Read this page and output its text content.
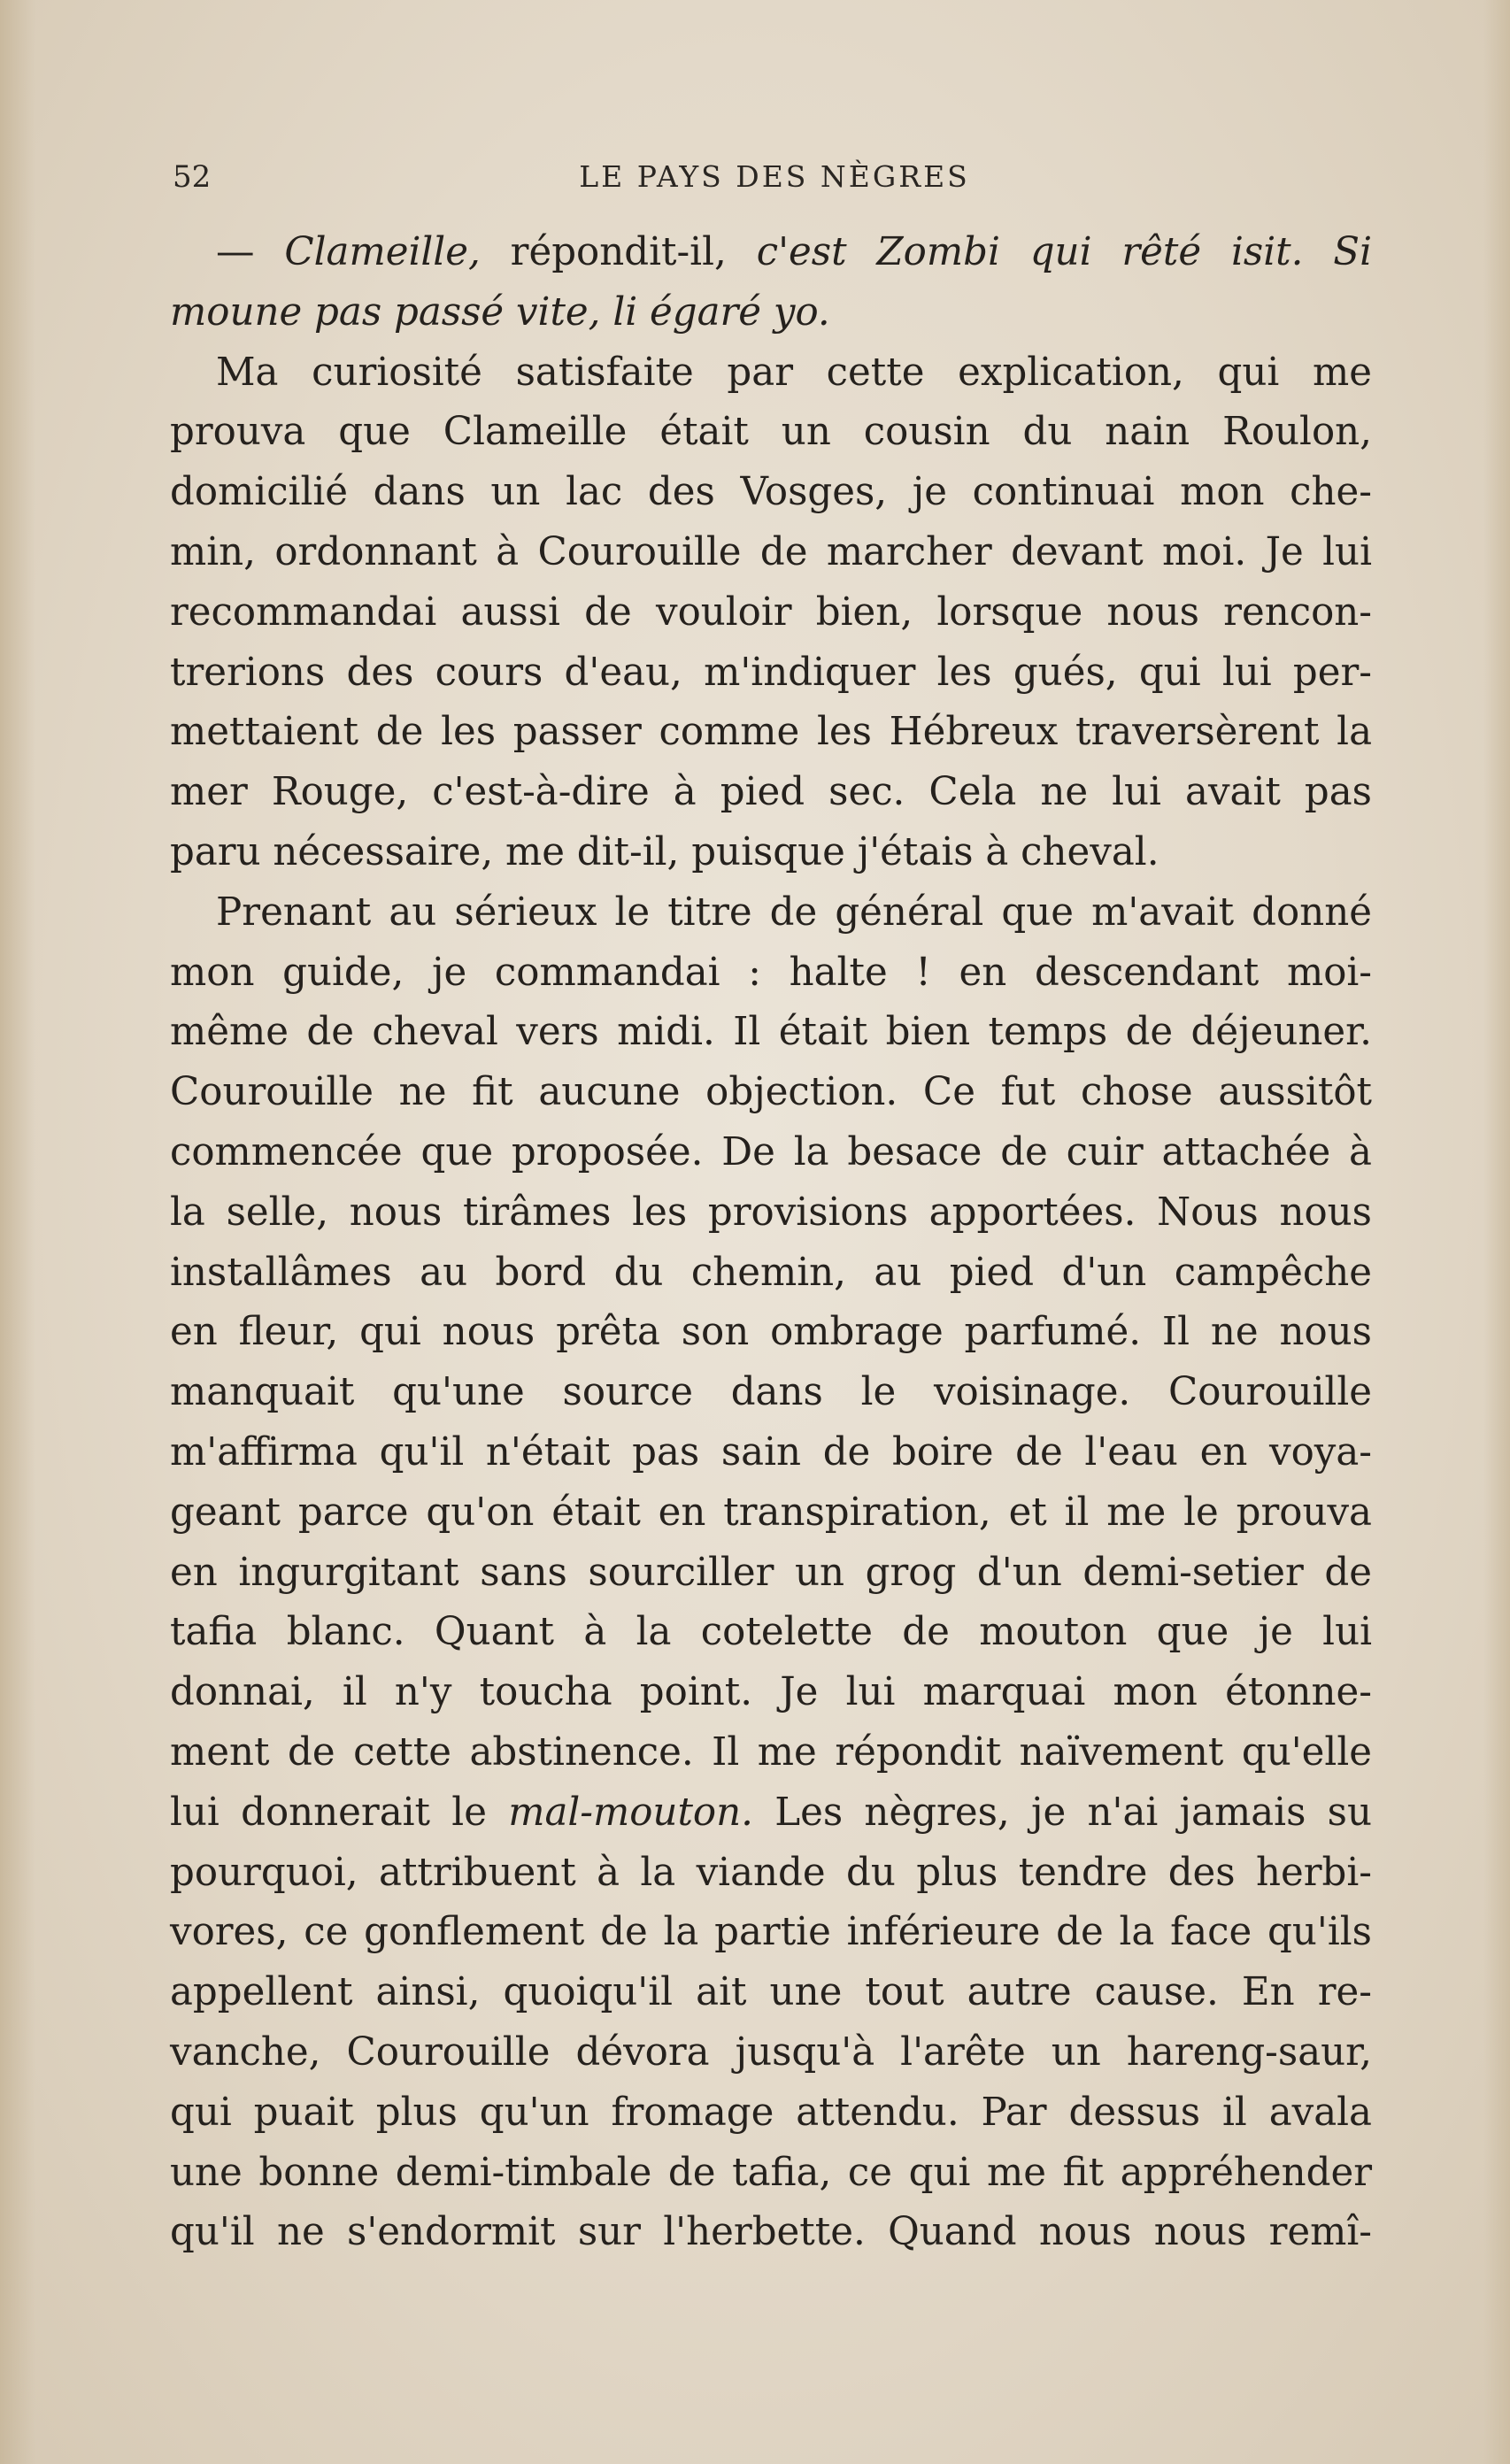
52	LE PAYS DES NÈGRES
— Clameille, répondit-il, c'est Zombi qui rêté isit. Si
moune pas passé vite, li égaré yo.
Ma curiosité satisfaite par cette explication, qui me
prouva que Clameille était un cousin du nain Roulon,
domicilié dans un lac des Vosges, je continuai mon che-
min, ordonnant à Courouille de marcher devant moi. Je lui
recommandai aussi de vouloir bien, lorsque nous rencon-
trerions des cours d'eau, m'indiquer les gués, qui lui per-
mettaient de les passer comme les Hébreux traversèrent la
mer Rouge, c'est-à-dire à pied sec. Cela ne lui avait pas
paru nécessaire, me dit-il, puisque j'étais à cheval.
Prenant au sérieux le titre de général que m'avait donné
mon guide, je commandai : halte ! en descendant moi-
même de cheval vers midi. Il était bien temps de déjeuner.
Courouille ne fit aucune objection. Ce fut chose aussitôt
commencée que proposée. De la besace de cuir attachée à
la selle, nous tirâmes les provisions apportées. Nous nous
installâmes au bord du chemin, au pied d'un campêche
en fleur, qui nous prêta son ombrage parfumé. Il ne nous
manquait qu'une source dans le voisinage. Courouille
m'affirma qu'il n'était pas sain de boire de l'eau en voya-
geant parce qu'on était en transpiration, et il me le prouva
en ingurgitant sans sourciller un grog d'un demi-setier de
tafia blanc. Quant à la cotelette de mouton que je lui
donnai, il n'y toucha point. Je lui marquai mon étonne-
ment de cette abstinence. Il me répondit naïvement qu'elle
lui donnerait le mal-mouton. Les nègres, je n'ai jamais su
pourquoi, attribuent à la viande du plus tendre des herbi-
vores, ce gonflement de la partie inférieure de la face qu'ils
appellent ainsi, quoiqu'il ait une tout autre cause. En re-
vanche, Courouille dévora jusqu'à l'arête un hareng-saur,
qui puait plus qu'un fromage attendu. Par dessus il avala
une bonne demi-timbale de tafia, ce qui me fit appréhender
qu'il ne s'endormit sur l'herbette. Quand nous nous remî-
